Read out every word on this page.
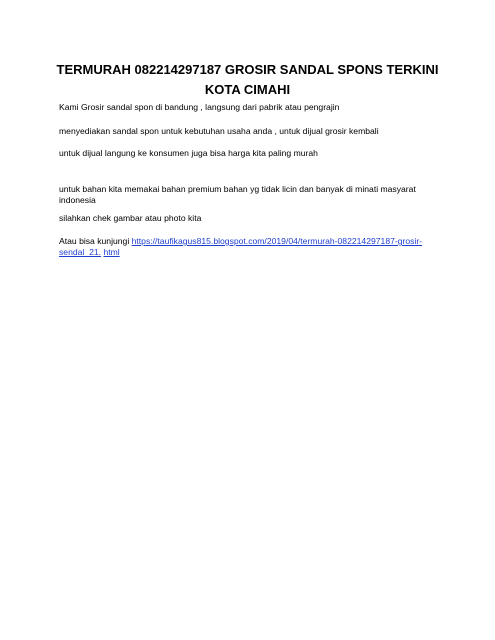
TERMURAH 082214297187 GROSIR SANDAL SPONS TERKINI
KOTA CIMAHI
Kami Grosir sandal spon di bandung , langsung dari pabrik atau pengrajin
menyediakan sandal spon untuk kebutuhan usaha anda , untuk dijual grosir kembali
untuk dijual langung ke konsumen juga bisa harga kita paling murah
untuk bahan kita memakai bahan premium bahan yg tidak licin dan banyak di minati masyarat indonesia
silahkan chek gambar atau photo kita
Atau bisa kunjungi https://taufikagus815.blogspot.com/2019/04/termurah-082214297187-grosir-sendal_21. html
